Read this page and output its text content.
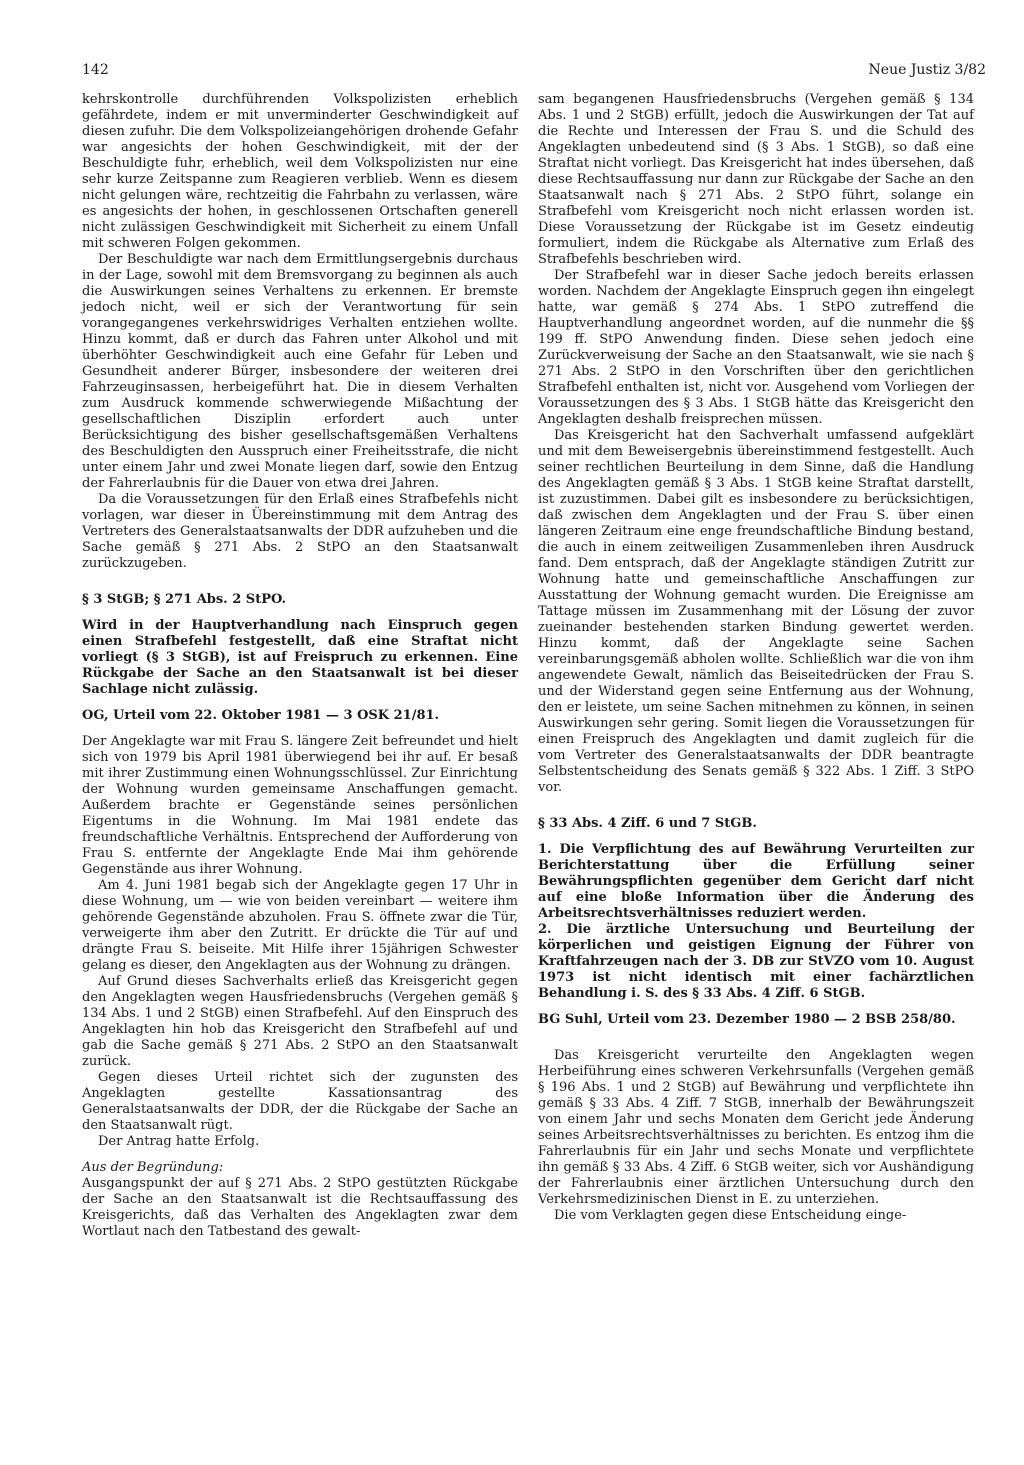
142	Neue Justiz 3/82

kehrskontrolle durchführenden Volkspolizisten erheblich gefährdete, indem er mit unverminderter Geschwindigkeit auf diesen zufuhr. Die dem Volkspolizeiangehörigen drohende Gefahr war angesichts der hohen Geschwindigkeit, mit der der Beschuldigte fuhr, erheblich, weil dem Volkspolizisten nur eine sehr kurze Zeitspanne zum Reagieren verblieb. Wenn es diesem nicht gelungen wäre, rechtzeitig die Fahrbahn zu verlassen, wäre es angesichts der hohen, in geschlossenen Ortschaften generell nicht zulässigen Geschwindigkeit mit Sicherheit zu einem Unfall mit schweren Folgen gekommen.

Der Beschuldigte war nach dem Ermittlungsergebnis durchaus in der Lage, sowohl mit dem Bremsvorgang zu beginnen als auch die Auswirkungen seines Verhaltens zu erkennen. Er bremste jedoch nicht, weil er sich der Verantwortung für sein vorangegangenes verkehrswidriges Verhalten entziehen wollte. Hinzu kommt, daß er durch das Fahren unter Alkohol und mit überhöhter Geschwindigkeit auch eine Gefahr für Leben und Gesundheit anderer Bürger, insbesondere der weiteren drei Fahrzeuginsassen, herbeigeführt hat. Die in diesem Verhalten zum Ausdruck kommende schwerwiegende Mißachtung der gesellschaftlichen Disziplin erfordert auch unter Berücksichtigung des bisher gesellschaftsgemäßen Verhaltens des Beschuldigten den Ausspruch einer Freiheitsstrafe, die nicht unter einem Jahr und zwei Monate liegen darf, sowie den Entzug der Fahrerlaubnis für die Dauer von etwa drei Jahren.

Da die Voraussetzungen für den Erlaß eines Strafbefehls nicht vorlagen, war dieser in Übereinstimmung mit dem Antrag des Vertreters des Generalstaatsanwalts der DDR aufzuheben und die Sache gemäß § 271 Abs. 2 StPO an den Staatsanwalt zurückzugeben.

§ 3 StGB; § 271 Abs. 2 StPO.

Wird in der Hauptverhandlung nach Einspruch gegen einen Strafbefehl festgestellt, daß eine Straftat nicht vorliegt (§ 3 StGB), ist auf Freispruch zu erkennen. Eine Rückgabe der Sache an den Staatsanwalt ist bei dieser Sachlage nicht zulässig.

OG, Urteil vom 22. Oktober 1981 — 3 OSK 21/81.

Der Angeklagte war mit Frau S. längere Zeit befreundet und hielt sich von 1979 bis April 1981 überwiegend bei ihr auf. Er besaß mit ihrer Zustimmung einen Wohnungsschlüssel. Zur Einrichtung der Wohnung wurden gemeinsame Anschaffungen gemacht. Außerdem brachte er Gegenstände seines persönlichen Eigentums in die Wohnung. Im Mai 1981 endete das freundschaftliche Verhältnis. Entsprechend der Aufforderung von Frau S. entfernte der Angeklagte Ende Mai ihm gehörende Gegenstände aus ihrer Wohnung.

Am 4. Juni 1981 begab sich der Angeklagte gegen 17 Uhr in diese Wohnung, um — wie von beiden vereinbart — weitere ihm gehörende Gegenstände abzuholen. Frau S. öffnete zwar die Tür, verweigerte ihm aber den Zutritt. Er drückte die Tür auf und drängte Frau S. beiseite. Mit Hilfe ihrer 15jährigen Schwester gelang es dieser, den Angeklagten aus der Wohnung zu drängen.

Auf Grund dieses Sachverhalts erließ das Kreisgericht gegen den Angeklagten wegen Hausfriedensbruchs (Vergehen gemäß § 134 Abs. 1 und 2 StGB) einen Strafbefehl. Auf den Einspruch des Angeklagten hin hob das Kreisgericht den Strafbefehl auf und gab die Sache gemäß § 271 Abs. 2 StPO an den Staatsanwalt zurück.

Gegen dieses Urteil richtet sich der zugunsten des Angeklagten gestellte Kassationsantrag des Generalstaatsanwalts der DDR, der die Rückgabe der Sache an den Staatsanwalt rügt.

Der Antrag hatte Erfolg.

Aus der Begründung:

Ausgangspunkt der auf § 271 Abs. 2 StPO gestützten Rückgabe der Sache an den Staatsanwalt ist die Rechtsauffassung des Kreisgerichts, daß das Verhalten des Angeklagten zwar dem Wortlaut nach den Tatbestand des gewalt-

sam begangenen Hausfriedensbruchs (Vergehen gemäß § 134 Abs. 1 und 2 StGB) erfüllt, jedoch die Auswirkungen der Tat auf die Rechte und Interessen der Frau S. und die Schuld des Angeklagten unbedeutend sind (§ 3 Abs. 1 StGB), so daß eine Straftat nicht vorliegt. Das Kreisgericht hat indes übersehen, daß diese Rechtsauffassung nur dann zur Rückgabe der Sache an den Staatsanwalt nach § 271 Abs. 2 StPO führt, solange ein Strafbefehl vom Kreisgericht noch nicht erlassen worden ist. Diese Voraussetzung der Rückgabe ist im Gesetz eindeutig formuliert, indem die Rückgabe als Alternative zum Erlaß des Strafbefehls beschrieben wird.

Der Strafbefehl war in dieser Sache jedoch bereits erlassen worden. Nachdem der Angeklagte Einspruch gegen ihn eingelegt hatte, war gemäß § 274 Abs. 1 StPO zutreffend die Hauptverhandlung angeordnet worden, auf die nunmehr die §§ 199 ff. StPO Anwendung finden. Diese sehen jedoch eine Zurückverweisung der Sache an den Staatsanwalt, wie sie nach § 271 Abs. 2 StPO in den Vorschriften über den gerichtlichen Strafbefehl enthalten ist, nicht vor. Ausgehend vom Vorliegen der Voraussetzungen des § 3 Abs. 1 StGB hätte das Kreisgericht den Angeklagten deshalb freisprechen müssen.

Das Kreisgericht hat den Sachverhalt umfassend aufgeklärt und mit dem Beweisergebnis übereinstimmend festgestellt. Auch seiner rechtlichen Beurteilung in dem Sinne, daß die Handlung des Angeklagten gemäß § 3 Abs. 1 StGB keine Straftat darstellt, ist zuzustimmen. Dabei gilt es insbesondere zu berücksichtigen, daß zwischen dem Angeklagten und der Frau S. über einen längeren Zeitraum eine enge freundschaftliche Bindung bestand, die auch in einem zeitweiligen Zusammenleben ihren Ausdruck fand. Dem entsprach, daß der Angeklagte ständigen Zutritt zur Wohnung hatte und gemeinschaftliche Anschaffungen zur Ausstattung der Wohnung gemacht wurden. Die Ereignisse am Tattage müssen im Zusammenhang mit der Lösung der zuvor zueinander bestehenden starken Bindung gewertet werden. Hinzu kommt, daß der Angeklagte seine Sachen vereinbarungsgemäß abholen wollte. Schließlich war die von ihm angewendete Gewalt, nämlich das Beiseitedrücken der Frau S. und der Widerstand gegen seine Entfernung aus der Wohnung, den er leistete, um seine Sachen mitnehmen zu können, in seinen Auswirkungen sehr gering. Somit liegen die Voraussetzungen für einen Freispruch des Angeklagten und damit zugleich für die vom Vertreter des Generalstaatsanwalts der DDR beantragte Selbstentscheidung des Senats gemäß § 322 Abs. 1 Ziff. 3 StPO vor.

§ 33 Abs. 4 Ziff. 6 und 7 StGB.

1. Die Verpflichtung des auf Bewährung Verurteilten zur Berichterstattung über die Erfüllung seiner Bewährungspflichten gegenüber dem Gericht darf nicht auf eine bloße Information über die Änderung des Arbeitsrechtsverhältnisses reduziert werden.

2. Die ärztliche Untersuchung und Beurteilung der körperlichen und geistigen Eignung der Führer von Kraftfahrzeugen nach der 3. DB zur StVZO vom 10. August 1973 ist nicht identisch mit einer fachärztlichen Behandlung i. S. des § 33 Abs. 4 Ziff. 6 StGB.

BG Suhl, Urteil vom 23. Dezember 1980 — 2 BSB 258/80.

Das Kreisgericht verurteilte den Angeklagten wegen Herbeiführung eines schweren Verkehrsunfalls (Vergehen gemäß § 196 Abs. 1 und 2 StGB) auf Bewährung und verpflichtete ihn gemäß § 33 Abs. 4 Ziff. 7 StGB, innerhalb der Bewährungszeit von einem Jahr und sechs Monaten dem Gericht jede Änderung seines Arbeitsrechtsverhältnisses zu berichten. Es entzog ihm die Fahrerlaubnis für ein Jahr und sechs Monate und verpflichtete ihn gemäß § 33 Abs. 4 Ziff. 6 StGB weiter, sich vor Aushändigung der Fahrerlaubnis einer ärztlichen Untersuchung durch den Verkehrsmedizinischen Dienst in E. zu unterziehen.

Die vom Verklagten gegen diese Entscheidung einge-
